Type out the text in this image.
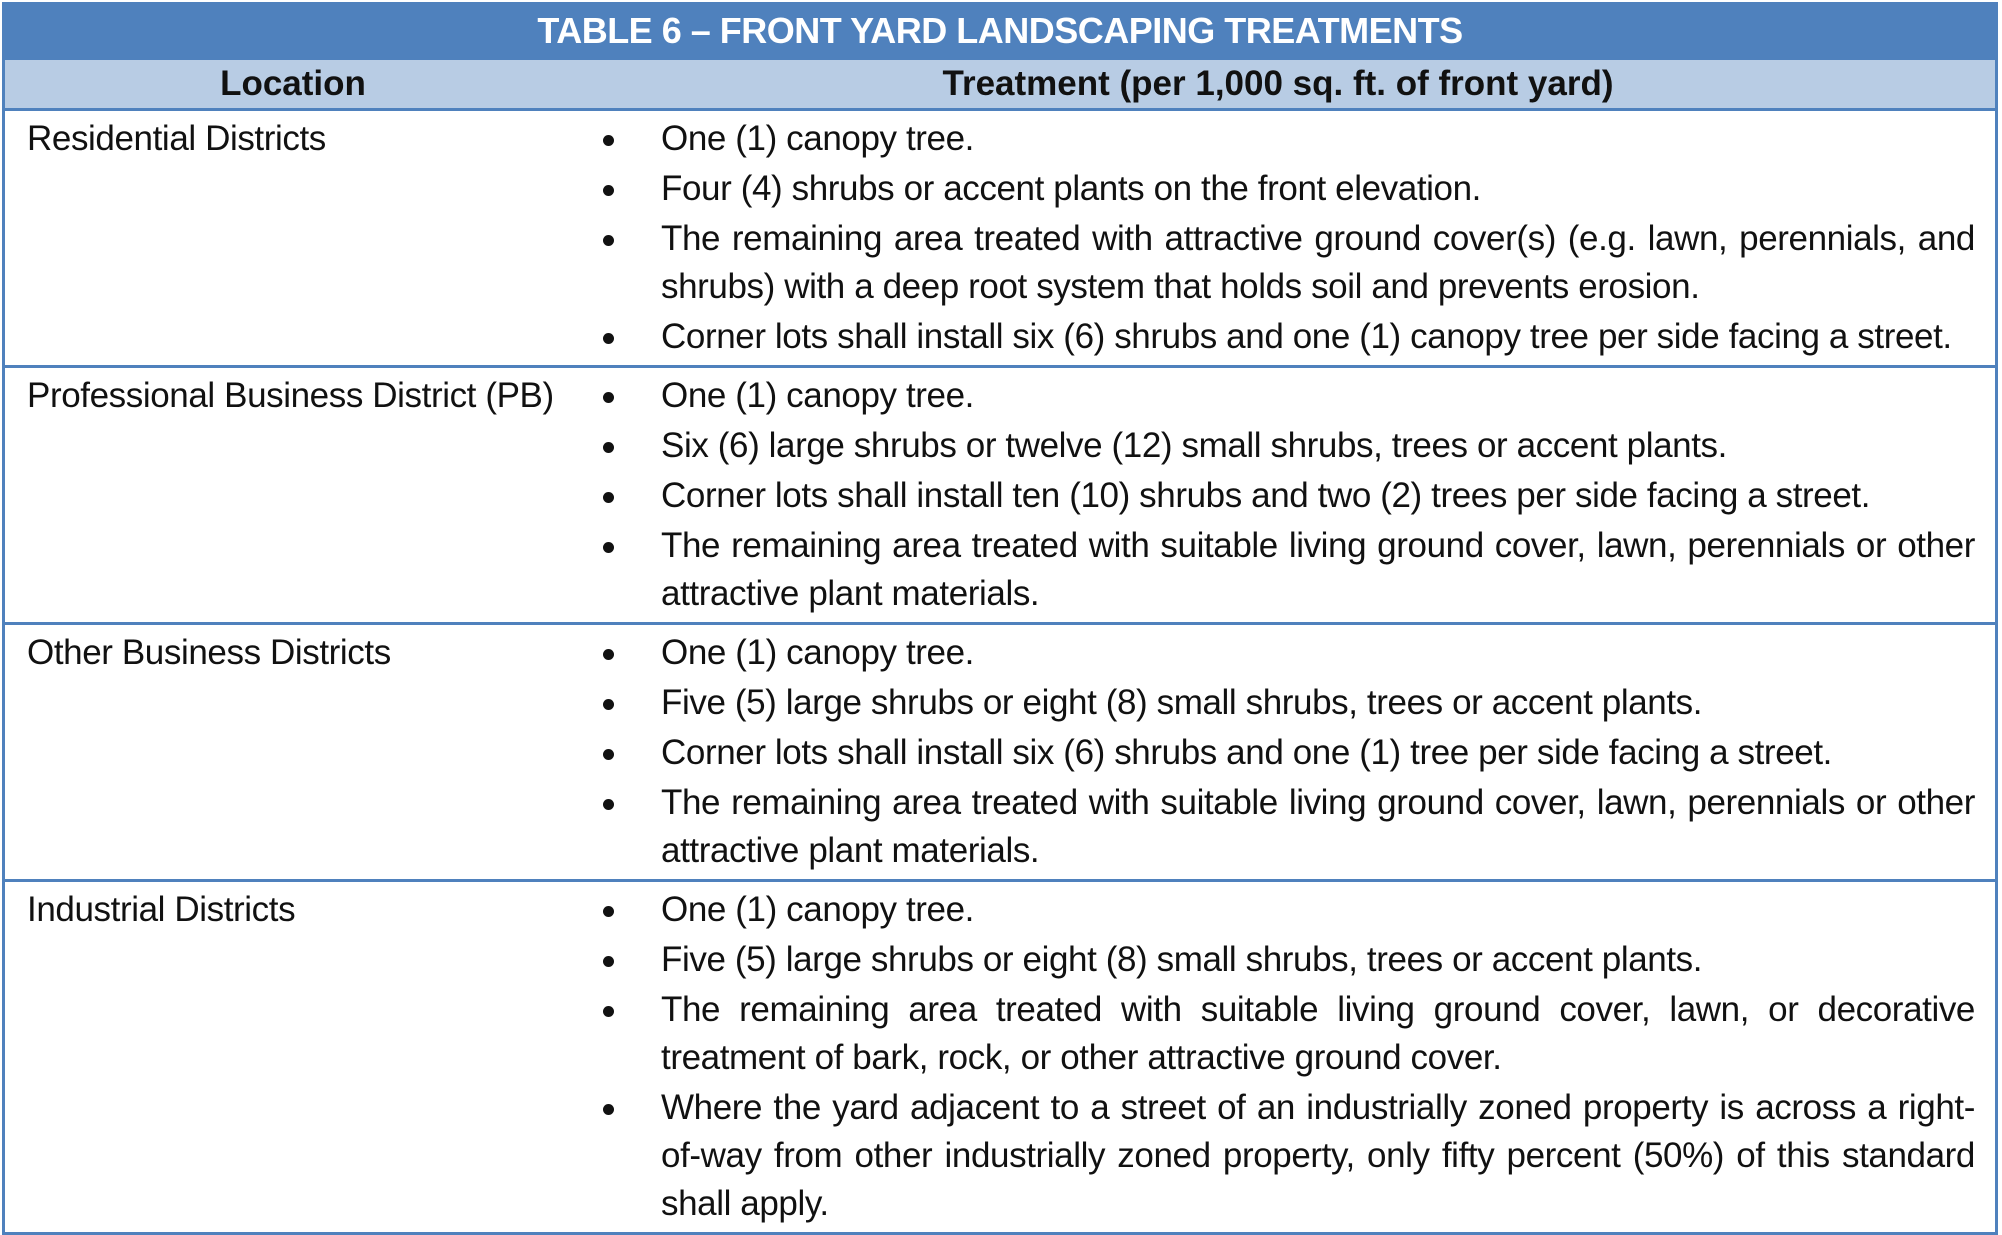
TABLE 6 – FRONT YARD LANDSCAPING TREATMENTS
Location	Treatment (per 1,000 sq. ft. of front yard)
Residential Districts	One (1) canopy tree.
Four (4) shrubs or accent plants on the front elevation.
The remaining area treated with attractive ground cover(s) (e.g. lawn, perennials, and shrubs) with a deep root system that holds soil and prevents erosion.
Corner lots shall install six (6) shrubs and one (1) canopy tree per side facing a street.
Professional Business District (PB)	One (1) canopy tree.
Six (6) large shrubs or twelve (12) small shrubs, trees or accent plants.
Corner lots shall install ten (10) shrubs and two (2) trees per side facing a street.
The remaining area treated with suitable living ground cover, lawn, perennials or other attractive plant materials.
Other Business Districts	One (1) canopy tree.
Five (5) large shrubs or eight (8) small shrubs, trees or accent plants.
Corner lots shall install six (6) shrubs and one (1) tree per side facing a street.
The remaining area treated with suitable living ground cover, lawn, perennials or other attractive plant materials.
Industrial Districts	One (1) canopy tree.
Five (5) large shrubs or eight (8) small shrubs, trees or accent plants.
The remaining area treated with suitable living ground cover, lawn, or decorative treatment of bark, rock, or other attractive ground cover.
Where the yard adjacent to a street of an industrially zoned property is across a right-of-way from other industrially zoned property, only fifty percent (50%) of this standard shall apply.
